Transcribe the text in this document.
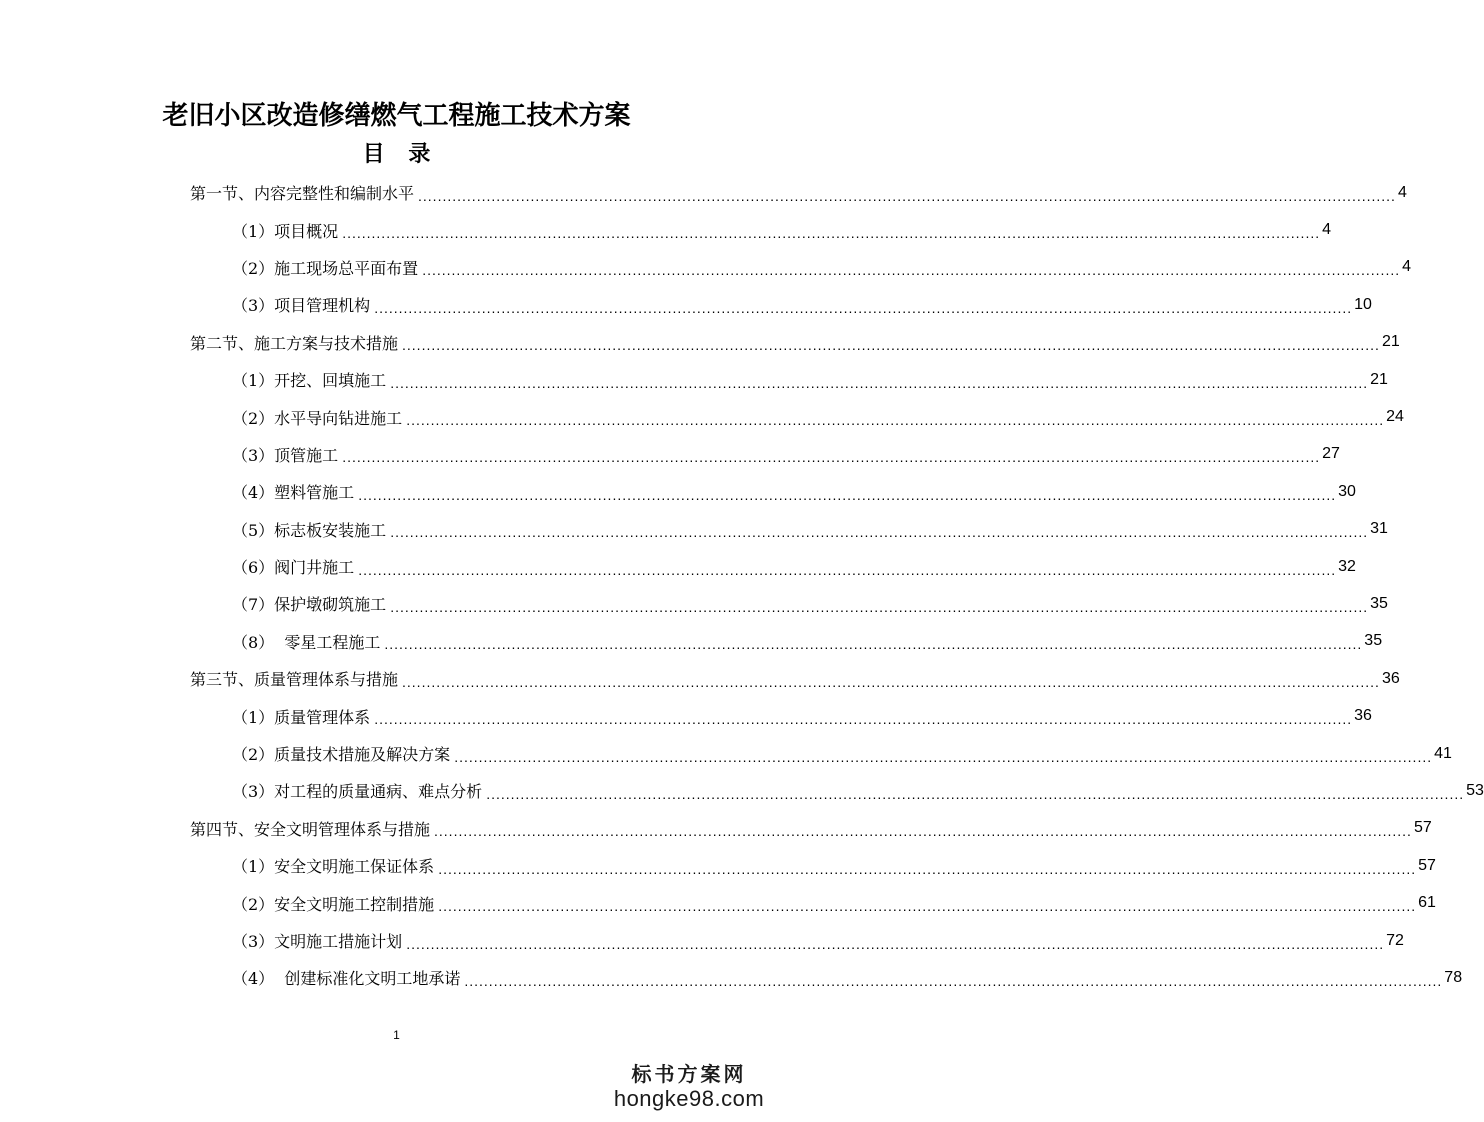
老旧小区改造修缮燃气工程施工技术方案
目 录
第一节、内容完整性和编制水平 ........................................................................................................................................................................................................ 4
（1）项目概况 ........................................................................................................................................................................................................ 4
（2）施工现场总平面布置 ........................................................................................................................................................................................................ 4
（3）项目管理机构 ........................................................................................................................................................................................................ 10
第二节、施工方案与技术措施 ........................................................................................................................................................................................................ 21
（1）开挖、回填施工 ........................................................................................................................................................................................................ 21
（2）水平导向钻进施工 ........................................................................................................................................................................................................ 24
（3）顶管施工 ........................................................................................................................................................................................................ 27
（4）塑料管施工 ........................................................................................................................................................................................................ 30
（5）标志板安装施工 ........................................................................................................................................................................................................ 31
（6）阀门井施工 ........................................................................................................................................................................................................ 32
（7）保护墩砌筑施工 ........................................................................................................................................................................................................ 35
（8）  零星工程施工 ........................................................................................................................................................................................................ 35
第三节、质量管理体系与措施 ........................................................................................................................................................................................................ 36
（1）质量管理体系 ........................................................................................................................................................................................................ 36
（2）质量技术措施及解决方案 ........................................................................................................................................................................................................ 41
（3）对工程的质量通病、难点分析 ........................................................................................................................................................................................................ 53
第四节、安全文明管理体系与措施 ........................................................................................................................................................................................................ 57
（1）安全文明施工保证体系 ........................................................................................................................................................................................................ 57
（2）安全文明施工控制措施 ........................................................................................................................................................................................................ 61
（3）文明施工措施计划 ........................................................................................................................................................................................................ 72
（4）  创建标准化文明工地承诺 ........................................................................................................................................................................................................ 78
1
标书方案网
hongke98.com
